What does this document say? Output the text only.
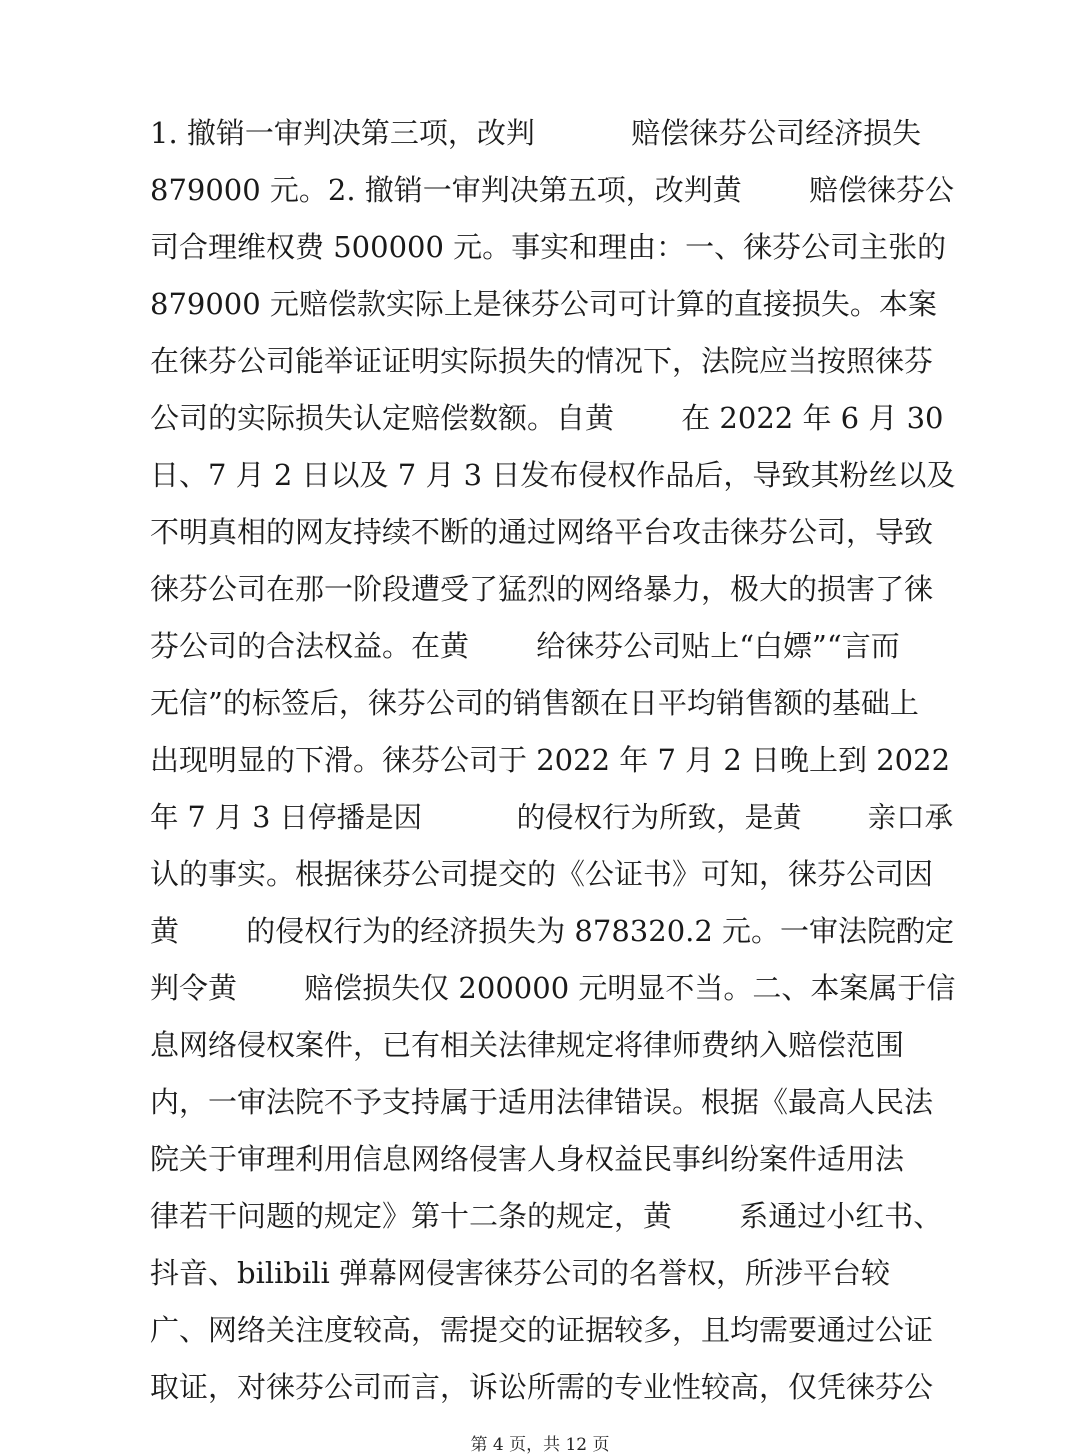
1. 撤销一审判决第三项，改判　　　 赔偿徕芬公司经济损失
879000 元。2. 撤销一审判决第五项，改判黄　　 赔偿徕芬公
司合理维权费 500000 元。事实和理由：一、徕芬公司主张的
879000 元赔偿款实际上是徕芬公司可计算的直接损失。本案
在徕芬公司能举证证明实际损失的情况下，法院应当按照徕芬
公司的实际损失认定赔偿数额。自黄　　 在 2022 年 6 月 30
日、7 月 2 日以及 7 月 3 日发布侵权作品后，导致其粉丝以及
不明真相的网友持续不断的通过网络平台攻击徕芬公司，导致
徕芬公司在那一阶段遭受了猛烈的网络暴力，极大的损害了徕
芬公司的合法权益。在黄　　 给徕芬公司贴上“白嫖”“言而
无信”的标签后，徕芬公司的销售额在日平均销售额的基础上
出现明显的下滑。徕芬公司于 2022 年 7 月 2 日晚上到 2022
年 7 月 3 日停播是因　　　 的侵权行为所致，是黄　　 亲口承
认的事实。根据徕芬公司提交的《公证书》可知，徕芬公司因
黄　　 的侵权行为的经济损失为 878320.2 元。一审法院酌定
判令黄　　 赔偿损失仅 200000 元明显不当。二、本案属于信
息网络侵权案件，已有相关法律规定将律师费纳入赔偿范围
内，一审法院不予支持属于适用法律错误。根据《最高人民法
院关于审理利用信息网络侵害人身权益民事纠纷案件适用法
律若干问题的规定》第十二条的规定，黄　　 系通过小红书、
抖音、bilibili 弹幕网侵害徕芬公司的名誉权，所涉平台较
广、网络关注度较高，需提交的证据较多，且均需要通过公证
取证，对徕芬公司而言，诉讼所需的专业性较高，仅凭徕芬公
第 4 页，共 12 页
